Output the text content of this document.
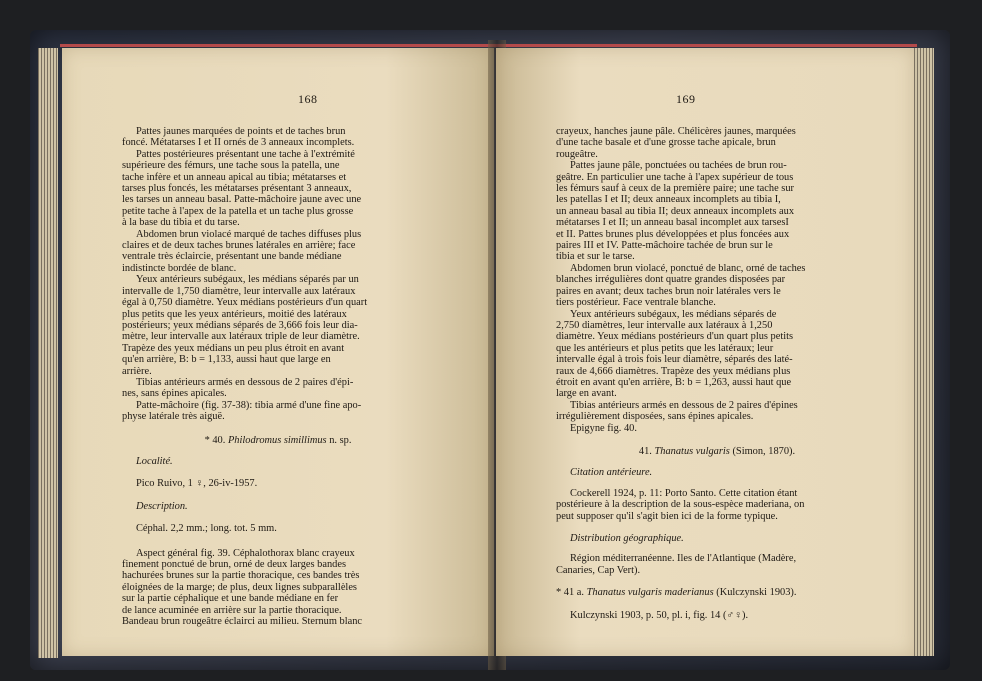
168

Pattes jaunes marquées de points et de taches brun

foncé. Métatarses I et II ornés de 3 anneaux incomplets.

Pattes postérieures présentant une tache à l'extrémité

supérieure des fémurs, une tache sous la patella, une

tache infère et un anneau apical au tibia; métatarses et

tarses plus foncés, les métatarses présentant 3 anneaux,

les tarses un anneau basal. Patte-mâchoire jaune avec une

petite tache à l'apex de la patella et un tache plus grosse

à la base du tibia et du tarse.

Abdomen brun violacé marqué de taches diffuses plus

claires et de deux taches brunes latérales en arrière; face

ventrale très éclaircie, présentant une bande médiane

indistincte bordée de blanc.

Yeux antérieurs subégaux, les médians séparés par un

intervalle de 1,750 diamètre, leur intervalle aux latéraux

égal à 0,750 diamètre. Yeux médians postérieurs d'un quart

plus petits que les yeux antérieurs, moitié des latéraux

postérieurs; yeux médians séparés de 3,666 fois leur dia-

mètre, leur intervalle aux latéraux triple de leur diamètre.

Trapèze des yeux médians un peu plus étroit en avant

qu'en arrière, B: b = 1,133, aussi haut que large en

arrière.

Tibias antérieurs armés en dessous de 2 paires d'épi-

nes, sans épines apicales.

Patte-mâchoire (fig. 37-38): tibia armé d'une fine apo-

physe latérale très aiguë.

* 40. Philodromus simillimus n. sp.

Localité.

Pico Ruivo, 1 ♀, 26-iv-1957.

Description.

Céphal. 2,2 mm.; long. tot. 5 mm.

Aspect général fig. 39. Céphalothorax blanc crayeux

finement ponctué de brun, orné de deux larges bandes

hachurées brunes sur la partie thoracique, ces bandes très

éloignées de la marge; de plus, deux lignes subparallèles

sur la partie céphalique et une bande médiane en fer

de lance acuminée en arrière sur la partie thoracique.

Bandeau brun rougeâtre éclairci au milieu. Sternum blanc

169

crayeux, hanches jaune pâle. Chélicères jaunes, marquées

d'une tache basale et d'une grosse tache apicale, brun

rougeâtre.

Pattes jaune pâle, ponctuées ou tachées de brun rou-

geâtre. En particulier une tache à l'apex supérieur de tous

les fémurs sauf à ceux de la première paire; une tache sur

les patellas I et II; deux anneaux incomplets au tibia I,

un anneau basal au tibia II; deux anneaux incomplets aux

métatarses I et II; un anneau basal incomplet aux tarsesI

et II. Pattes brunes plus développées et plus foncées aux

paires III et IV. Patte-mâchoire tachée de brun sur le

tibia et sur le tarse.

Abdomen brun violacé, ponctué de blanc, orné de taches

blanches irrégulières dont quatre grandes disposées par

paires en avant; deux taches brun noir latérales vers le

tiers postérieur. Face ventrale blanche.

Yeux antérieurs subégaux, les médians séparés de

2,750 diamètres, leur intervalle aux latéraux à 1,250

diamètre. Yeux médians postérieurs d'un quart plus petits

que les antérieurs et plus petits que les latéraux; leur

intervalle égal à trois fois leur diamètre, séparés des laté-

raux de 4,666 diamètres. Trapèze des yeux médians plus

étroit en avant qu'en arrière, B: b = 1,263, aussi haut que

large en avant.

Tibias antérieurs armés en dessous de 2 paires d'épines

irrégulièrement disposées, sans épines apicales.

Epigyne fig. 40.

41. Thanatus vulgaris (Simon, 1870).

Citation antérieure.

Cockerell 1924, p. 11: Porto Santo. Cette citation étant

postérieure à la description de la sous-espèce maderiana, on

peut supposer qu'il s'agit bien ici de la forme typique.

Distribution géographique.

Région méditerranéenne. Iles de l'Atlantique (Madère,

Canaries, Cap Vert).

* 41 a. Thanatus vulgaris maderianus (Kulczynski 1903).

Kulczynski 1903, p. 50, pl. i, fig. 14 (♂♀).
